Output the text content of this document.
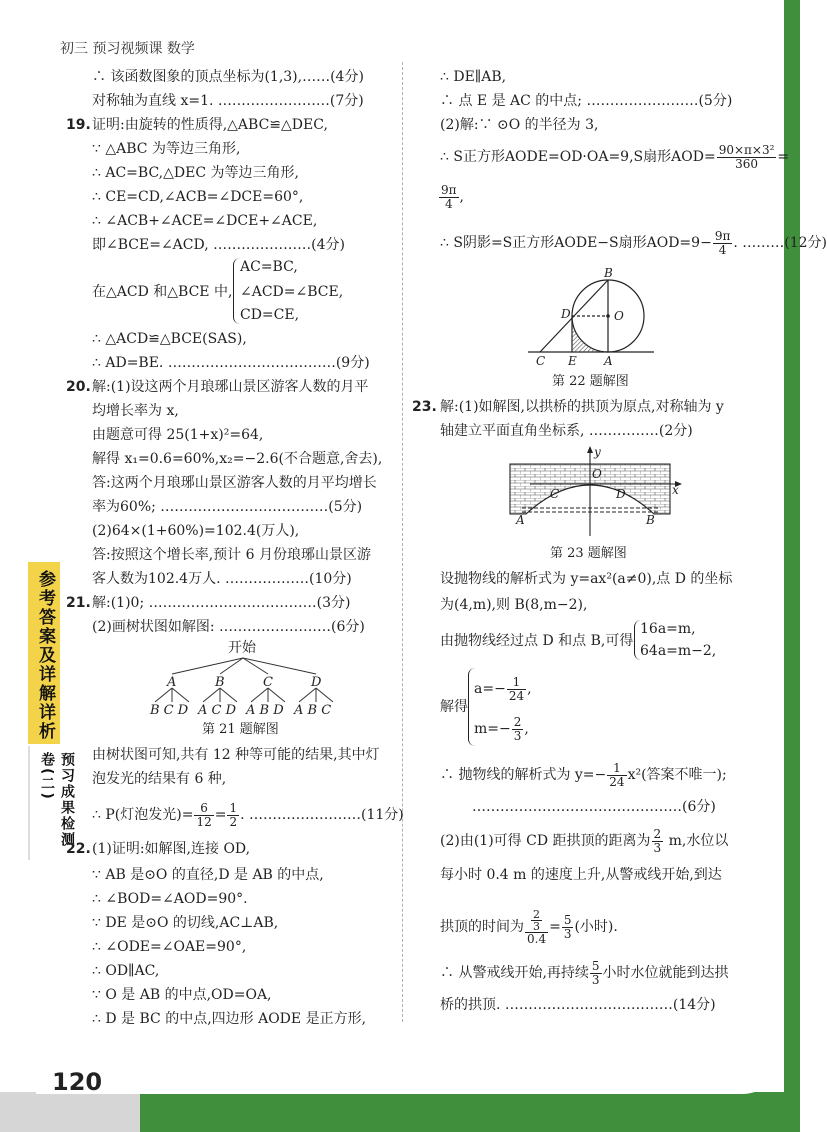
初三 预习视频课 数学
参考答案及详解详析
预习成果检测卷(二)
120
∴ 该函数图象的顶点坐标为(1,3),……(4分)
对称轴为直线 x=1. ……………………(7分)
19. 证明:由旋转的性质得,△ABC≌△DEC,
∵ △ABC 为等边三角形,
∴ AC=BC,△DEC 为等边三角形,
∴ CE=CD,∠ACB=∠DCE=60°,
∴ ∠ACB+∠ACE=∠DCE+∠ACE,
即∠BCE=∠ACD, …………………(4分)
在△ACD 和△BCE 中,
AC=BC,
∠ACD=∠BCE,
CD=CE,
∴ △ACD≌△BCE(SAS),
∴ AD=BE. ………………………………(9分)
20. 解:(1)设这两个月琅琊山景区游客人数的月平
均增长率为 x,
由题意可得 25(1+x)²=64,
解得 x₁=0.6=60%,x₂=−2.6(不合题意,舍去),
答:这两个月琅琊山景区游客人数的月平均增长
率为60%; ………………………………(5分)
(2)64×(1+60%)=102.4(万人),
答:按照这个增长率,预计 6 月份琅琊山景区游
客人数为102.4万人. ………………(10分)
21. 解:(1)0; ………………………………(3分)
(2)画树状图如解图: ……………………(6分)
开始
A	B	C	D
B C D A C D A B D A B C
第 21 题解图
由树状图可知,共有 12 种等可能的结果,其中灯
泡发光的结果有 6 种,
∴ P(灯泡发光)= $\frac{6}{12} = \frac{1}{2}$ . ……………………(11分)
22. (1)证明:如解图,连接 OD,
∵ AB 是⊙O 的直径,D 是 AB 的中点,
∴ ∠BOD=∠AOD=90°.
∵ DE 是⊙O 的切线,AC⊥AB,
∴ ∠ODE=∠OAE=90°,
∴ OD∥AC,
∵ O 是 AB 的中点,OD=OA,
∴ D 是 BC 的中点,四边形 AODE 是正方形,
∴ DE∥AB,
∴ 点 E 是 AC 的中点; ……………………(5分)
(2)解:∵ ⊙O 的半径为 3,
∴ S正方形AODE=OD·OA=9,S扇形$AOD= \frac{\text{90×π×3²}}{360}$ =
$\frac{9\pi}{4}$ ,
∴ S阴影=S正方形AODE−S扇形$AOD=9- \frac{9\pi}{4}$ . ………(12分)
B
D	O
C E A
第 22 题解图
23. 解:(1)如解图,以拱桥的拱顶为原点,对称轴为 y
轴建立平面直角坐标系, ……………(2分)
y
x
O
C	D
A	B
第 23 题解图
设抛物线的解析式为 y=ax²(a≠0),点 D 的坐标
为(4,m),则 B(8,m−2),
由抛物线经过点 D 和点 B,可得
16a=m,
64a=m−2,
解得
$a=- \frac{1}{24}$ ,
$m=- \frac{2}{3}$ ,
∴ 抛物线的解析式为 $y=- \frac{1}{24} x^2$(答案不唯一);
………………………………………(6分)
(2)由(1)可得 CD 距拱顶的距离为 $\frac{2}{3} m$,水位以
每小时 0.4 m 的速度上升,从警戒线开始,到达
拱顶的时间为 $\frac{\frac{2}{3}}{0.4} = \frac{5}{3}$ (小时).
∴ 从警戒线开始,再持续 $\frac{5}{3}$ 小时水位就能到达拱
桥的拱顶. ………………………………(14分)
